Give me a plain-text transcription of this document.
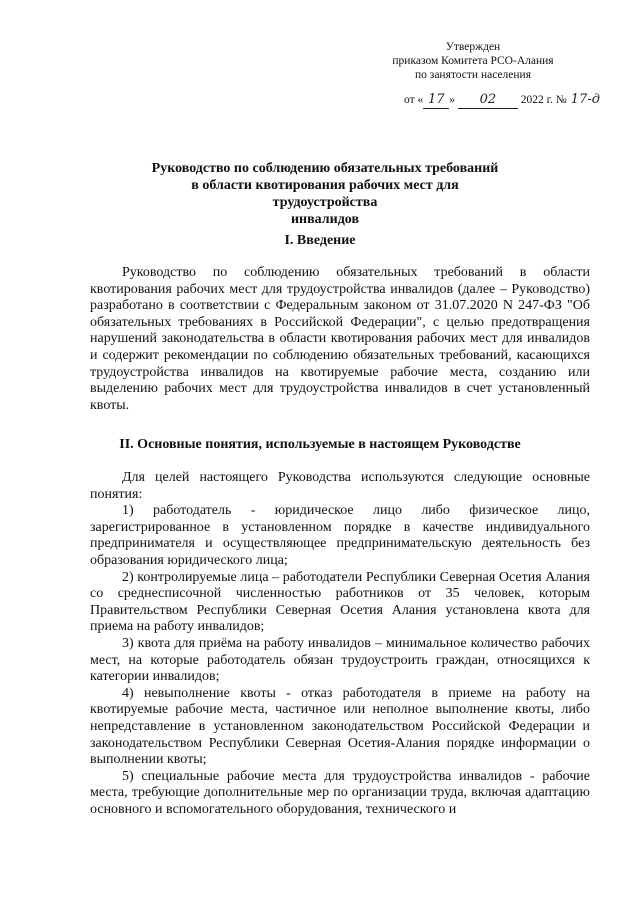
Утвержден
приказом Комитета РСО-Алания
по занятости населения
от « 17 » 02 2022 г. № 17-д
Руководство по соблюдению обязательных требований
в области квотирования рабочих мест для трудоустройства
инвалидов
I. Введение

Руководство по соблюдению обязательных требований в области квотирования рабочих мест для трудоустройства инвалидов (далее – Руководство) разработано в соответствии с Федеральным законом от 31.07.2020 N 247-ФЗ "Об обязательных требованиях в Российской Федерации", с целью предотвращения нарушений законодательства в области квотирования рабочих мест для инвалидов и содержит рекомендации по соблюдению обязательных требований, касающихся трудоустройства инвалидов на квотируемые рабочие места, созданию или выделению рабочих мест для трудоустройства инвалидов в счет установленный квоты.

II. Основные понятия, используемые в настоящем Руководстве

Для целей настоящего Руководства используются следующие основные понятия:

1) работодатель - юридическое лицо либо физическое лицо, зарегистрированное в установленном порядке в качестве индивидуального предпринимателя и осуществляющее предпринимательскую деятельность без образования юридического лица;

2) контролируемые лица – работодатели Республики Северная Осетия Алания со среднесписочной численностью работников от 35 человек, которым Правительством Республики Северная Осетия Алания установлена квота для приема на работу инвалидов;

3) квота для приёма на работу инвалидов – минимальное количество рабочих мест, на которые работодатель обязан трудоустроить граждан, относящихся к категории инвалидов;

4) невыполнение квоты - отказ работодателя в приеме на работу на квотируемые рабочие места, частичное или неполное выполнение квоты, либо непредставление в установленном законодательством Российской Федерации и законодательством Республики Северная Осетия-Алания порядке информации о выполнении квоты;

5) специальные рабочие места для трудоустройства инвалидов - рабочие места, требующие дополнительные мер по организации труда, включая адаптацию основного и вспомогательного оборудования, технического и
